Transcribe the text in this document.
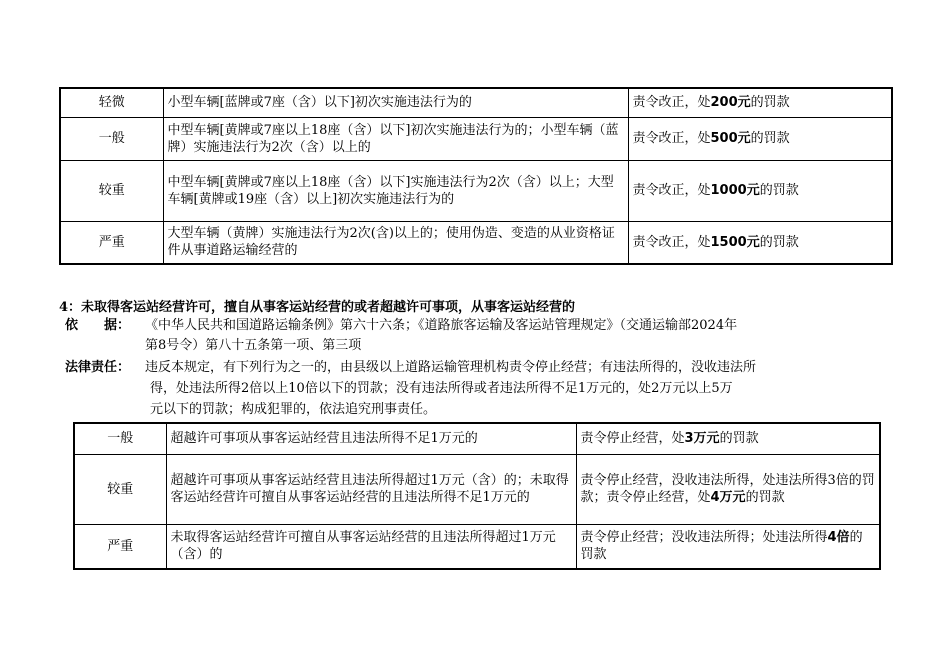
轻微	小型车辆[蓝牌或7座（含）以下]初次实施违法行为的	责令改正，处200元的罚款
一般	中型车辆[黄牌或7座以上18座（含）以下]初次实施违法行为的；小型车辆（蓝牌）实施违法行为2次（含）以上的	责令改正，处500元的罚款
较重	中型车辆[黄牌或7座以上18座（含）以下]实施违法行为2次（含）以上；大型车辆[黄牌或19座（含）以上]初次实施违法行为的	责令改正，处1000元的罚款
严重	大型车辆（黄牌）实施违法行为2次(含)以上的；使用伪造、变造的从业资格证件从事道路运输经营的	责令改正，处1500元的罚款
4：未取得客运站经营许可，擅自从事客运站经营的或者超越许可事项，从事客运站经营的
依　　据： 《中华人民共和国道路运输条例》第六十六条；《道路旅客运输及客运站管理规定》（交通运输部2024年
第8号令）第八十五条第一项、第三项
法律责任： 违反本规定，有下列行为之一的，由县级以上道路运输管理机构责令停止经营；有违法所得的，没收违法所
得，处违法所得2倍以上10倍以下的罚款；没有违法所得或者违法所得不足1万元的，处2万元以上5万
元以下的罚款；构成犯罪的，依法追究刑事责任。
一般	超越许可事项从事客运站经营且违法所得不足1万元的	责令停止经营，处3万元的罚款
较重	超越许可事项从事客运站经营且违法所得超过1万元（含）的；未取得客运站经营许可擅自从事客运站经营的且违法所得不足1万元的	责令停止经营，没收违法所得，处违法所得3倍的罚款；责令停止经营，处4万元的罚款
严重	未取得客运站经营许可擅自从事客运站经营的且违法所得超过1万元（含）的	责令停止经营；没收违法所得；处违法所得4倍的罚款
